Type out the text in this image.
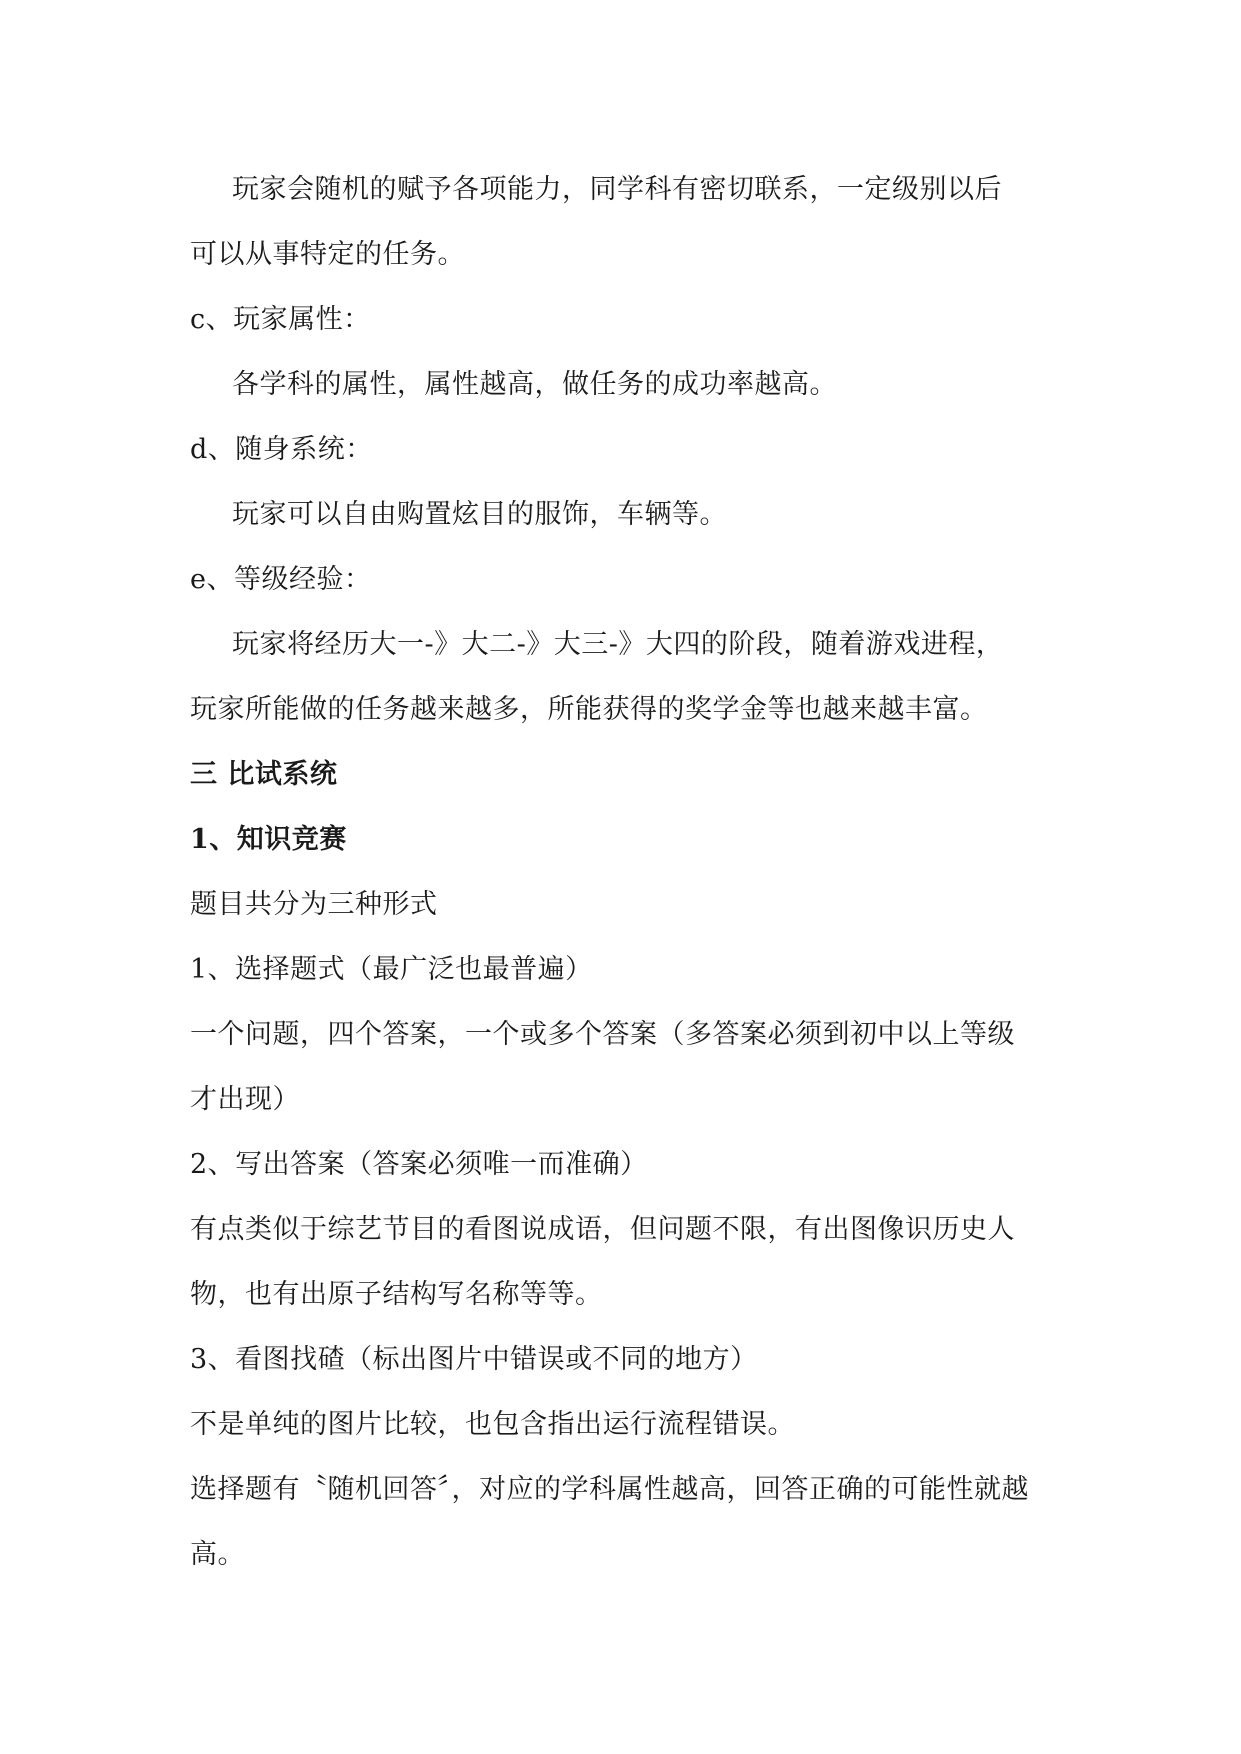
玩家会随机的赋予各项能力，同学科有密切联系，一定级别以后
可以从事特定的任务。
c、玩家属性：
各学科的属性，属性越高，做任务的成功率越高。
d、随身系统：
玩家可以自由购置炫目的服饰，车辆等。
e、等级经验：
玩家将经历大一-》大二-》大三-》大四的阶段，随着游戏进程，
玩家所能做的任务越来越多，所能获得的奖学金等也越来越丰富。
三 比试系统
1、知识竞赛
题目共分为三种形式
1、选择题式（最广泛也最普遍）
一个问题，四个答案，一个或多个答案（多答案必须到初中以上等级
才出现）
2、写出答案（答案必须唯一而准确）
有点类似于综艺节目的看图说成语，但问题不限，有出图像识历史人
物，也有出原子结构写名称等等。
3、看图找碴（标出图片中错误或不同的地方）
不是单纯的图片比较，也包含指出运行流程错误。
选择题有〝随机回答〞，对应的学科属性越高，回答正确的可能性就越
高。
